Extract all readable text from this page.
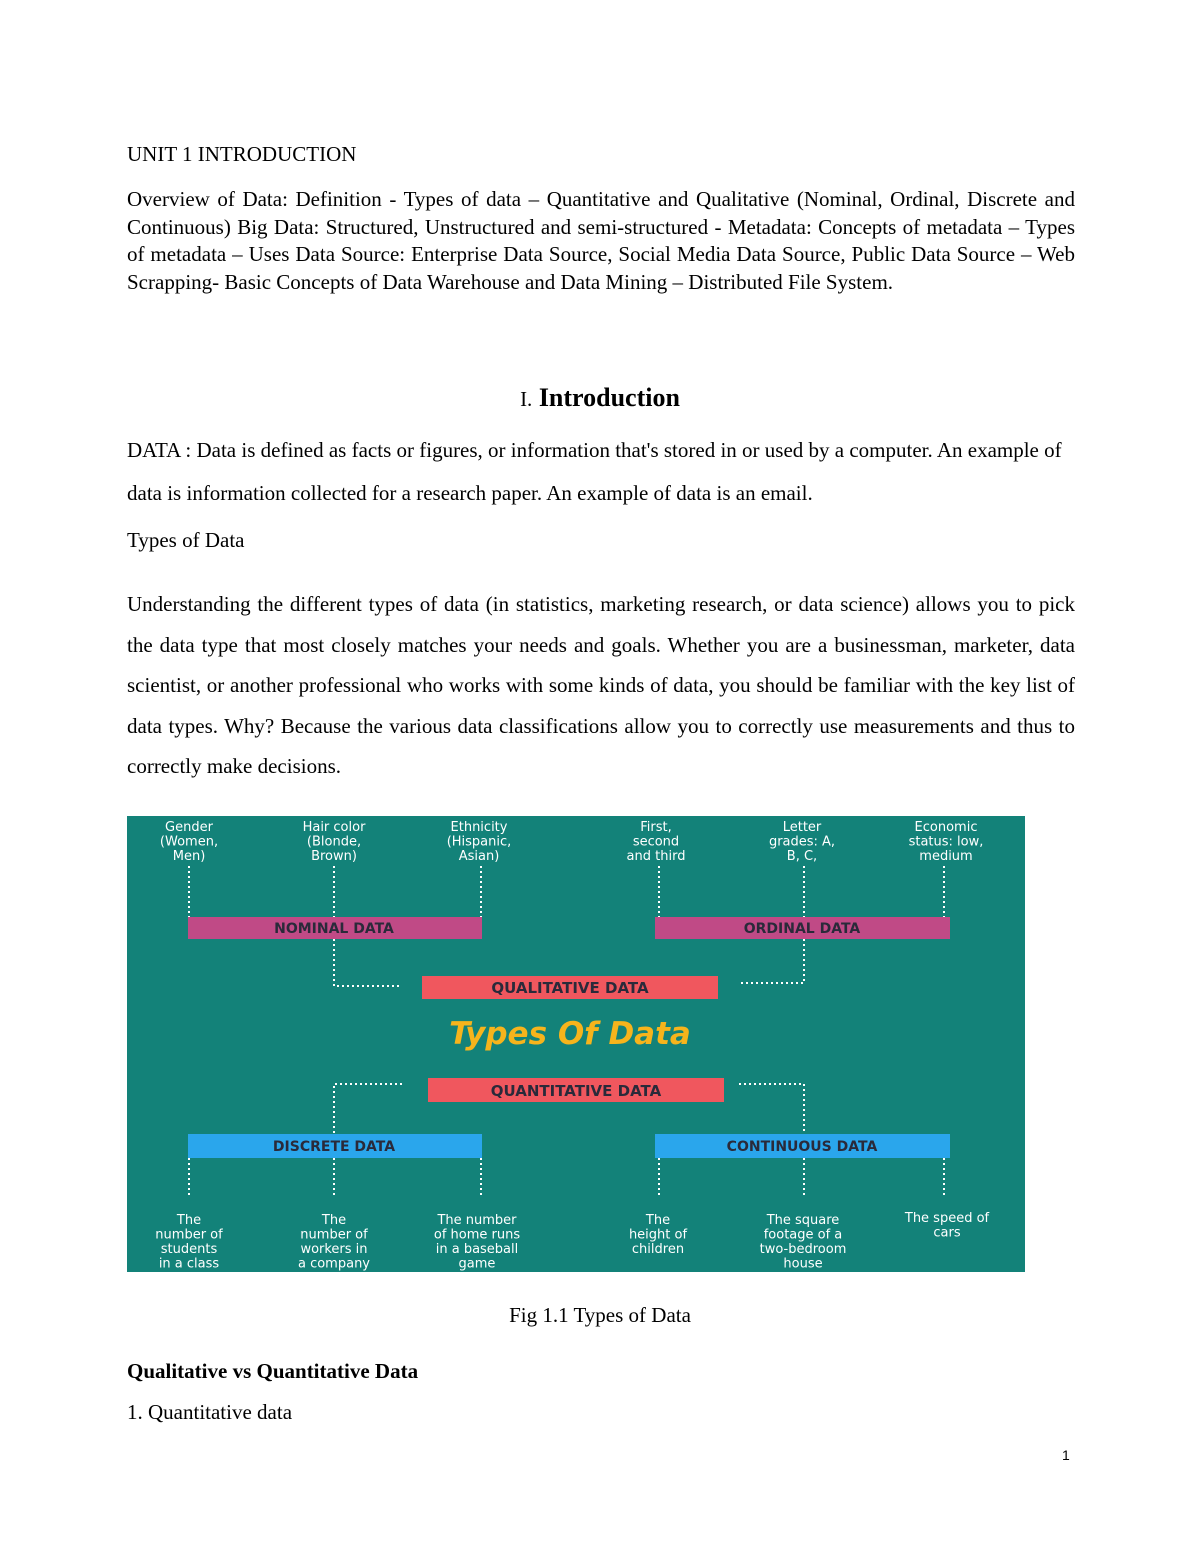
UNIT 1 INTRODUCTION
Overview of Data: Definition - Types of data – Quantitative and Qualitative (Nominal, Ordinal, Discrete and Continuous) Big Data: Structured, Unstructured and semi-structured - Metadata: Concepts of metadata – Types of metadata – Uses Data Source: Enterprise Data Source, Social Media Data Source, Public Data Source – Web Scrapping- Basic Concepts of Data Warehouse and Data Mining – Distributed File System.
I. Introduction
DATA : Data is defined as facts or figures, or information that's stored in or used by a computer. An example of data is information collected for a research paper. An example of data is an email.
Types of Data
Understanding the different types of data (in statistics, marketing research, or data science) allows you to pick the data type that most closely matches your needs and goals. Whether you are a businessman, marketer, data scientist, or another professional who works with some kinds of data, you should be familiar with the key list of data types. Why? Because the various data classifications allow you to correctly use measurements and thus to correctly make decisions.
NOMINAL DATA	ORDINAL DATA
QUALITATIVE DATA
Types Of Data
QUANTITATIVE DATA
DISCRETE DATA	CONTINUOUS DATA
Gender (Women, Men)
Hair color (Blonde, Brown)
Ethnicity (Hispanic, Asian)
First, second and third
Letter grades: A, B, C,
Economic status: low, medium
The number of students in a class
The number of workers in a company
The number of home runs in a baseball game
The height of children
The square footage of a two-bedroom house
The speed of cars
Fig 1.1 Types of Data
Qualitative vs Quantitative Data
1. Quantitative data
1
